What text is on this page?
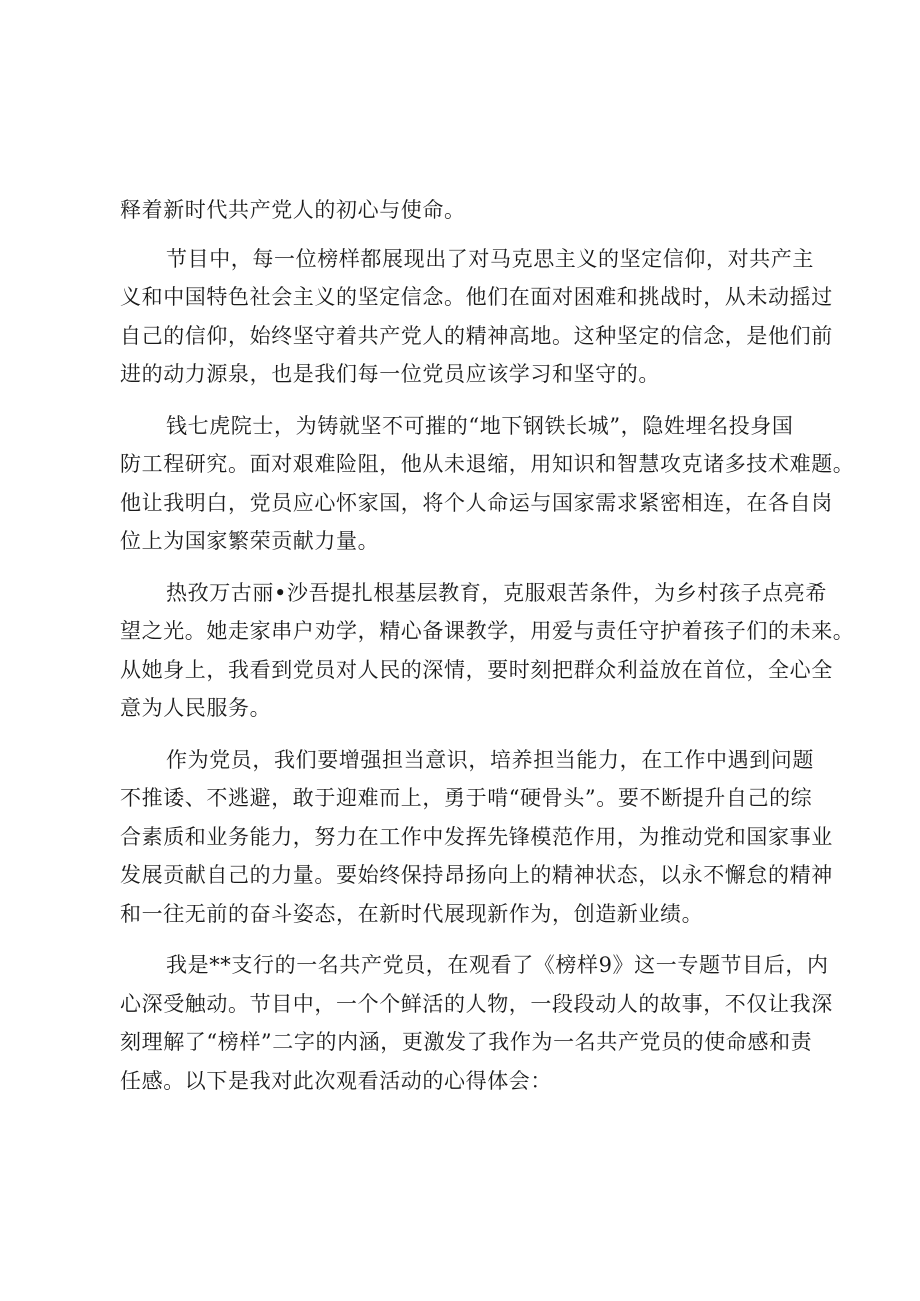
释着新时代共产党人的初心与使命。
节目中，每一位榜样都展现出了对马克思主义的坚定信仰，对共产主
义和中国特色社会主义的坚定信念。他们在面对困难和挑战时，从未动摇过
自己的信仰，始终坚守着共产党人的精神高地。这种坚定的信念，是他们前
进的动力源泉，也是我们每一位党员应该学习和坚守的。
钱七虎院士，为铸就坚不可摧的“地下钢铁长城”，隐姓埋名投身国
防工程研究。面对艰难险阻，他从未退缩，用知识和智慧攻克诸多技术难题。
他让我明白，党员应心怀家国，将个人命运与国家需求紧密相连，在各自岗
位上为国家繁荣贡献力量。
热孜万古丽•沙吾提扎根基层教育，克服艰苦条件，为乡村孩子点亮希
望之光。她走家串户劝学，精心备课教学，用爱与责任守护着孩子们的未来。
从她身上，我看到党员对人民的深情，要时刻把群众利益放在首位，全心全
意为人民服务。
作为党员，我们要增强担当意识，培养担当能力，在工作中遇到问题
不推诿、不逃避，敢于迎难而上，勇于啃“硬骨头”。要不断提升自己的综
合素质和业务能力，努力在工作中发挥先锋模范作用，为推动党和国家事业
发展贡献自己的力量。要始终保持昂扬向上的精神状态，以永不懈怠的精神
和一往无前的奋斗姿态，在新时代展现新作为，创造新业绩。
我是**支行的一名共产党员，在观看了《榜样9》这一专题节目后，内
心深受触动。节目中，一个个鲜活的人物，一段段动人的故事，不仅让我深
刻理解了“榜样”二字的内涵，更激发了我作为一名共产党员的使命感和责
任感。以下是我对此次观看活动的心得体会：
